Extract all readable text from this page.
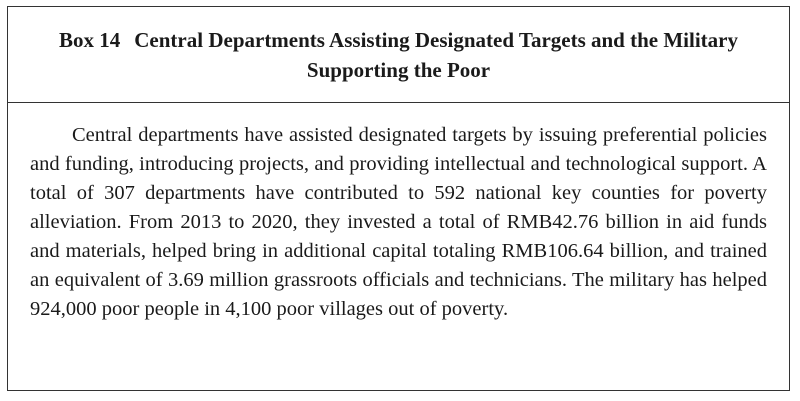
Box 14 Central Departments Assisting Designated Targets and the Military Supporting the Poor

Central departments have assisted designated targets by issuing preferential policies and funding, introducing projects, and providing intellectual and technological support. A total of 307 departments have contributed to 592 national key counties for poverty alleviation. From 2013 to 2020, they invested a total of RMB42.76 billion in aid funds and materials, helped bring in additional capital totaling RMB106.64 billion, and trained an equivalent of 3.69 million grassroots officials and technicians. The military has helped 924,000 poor people in 4,100 poor villages out of poverty.
